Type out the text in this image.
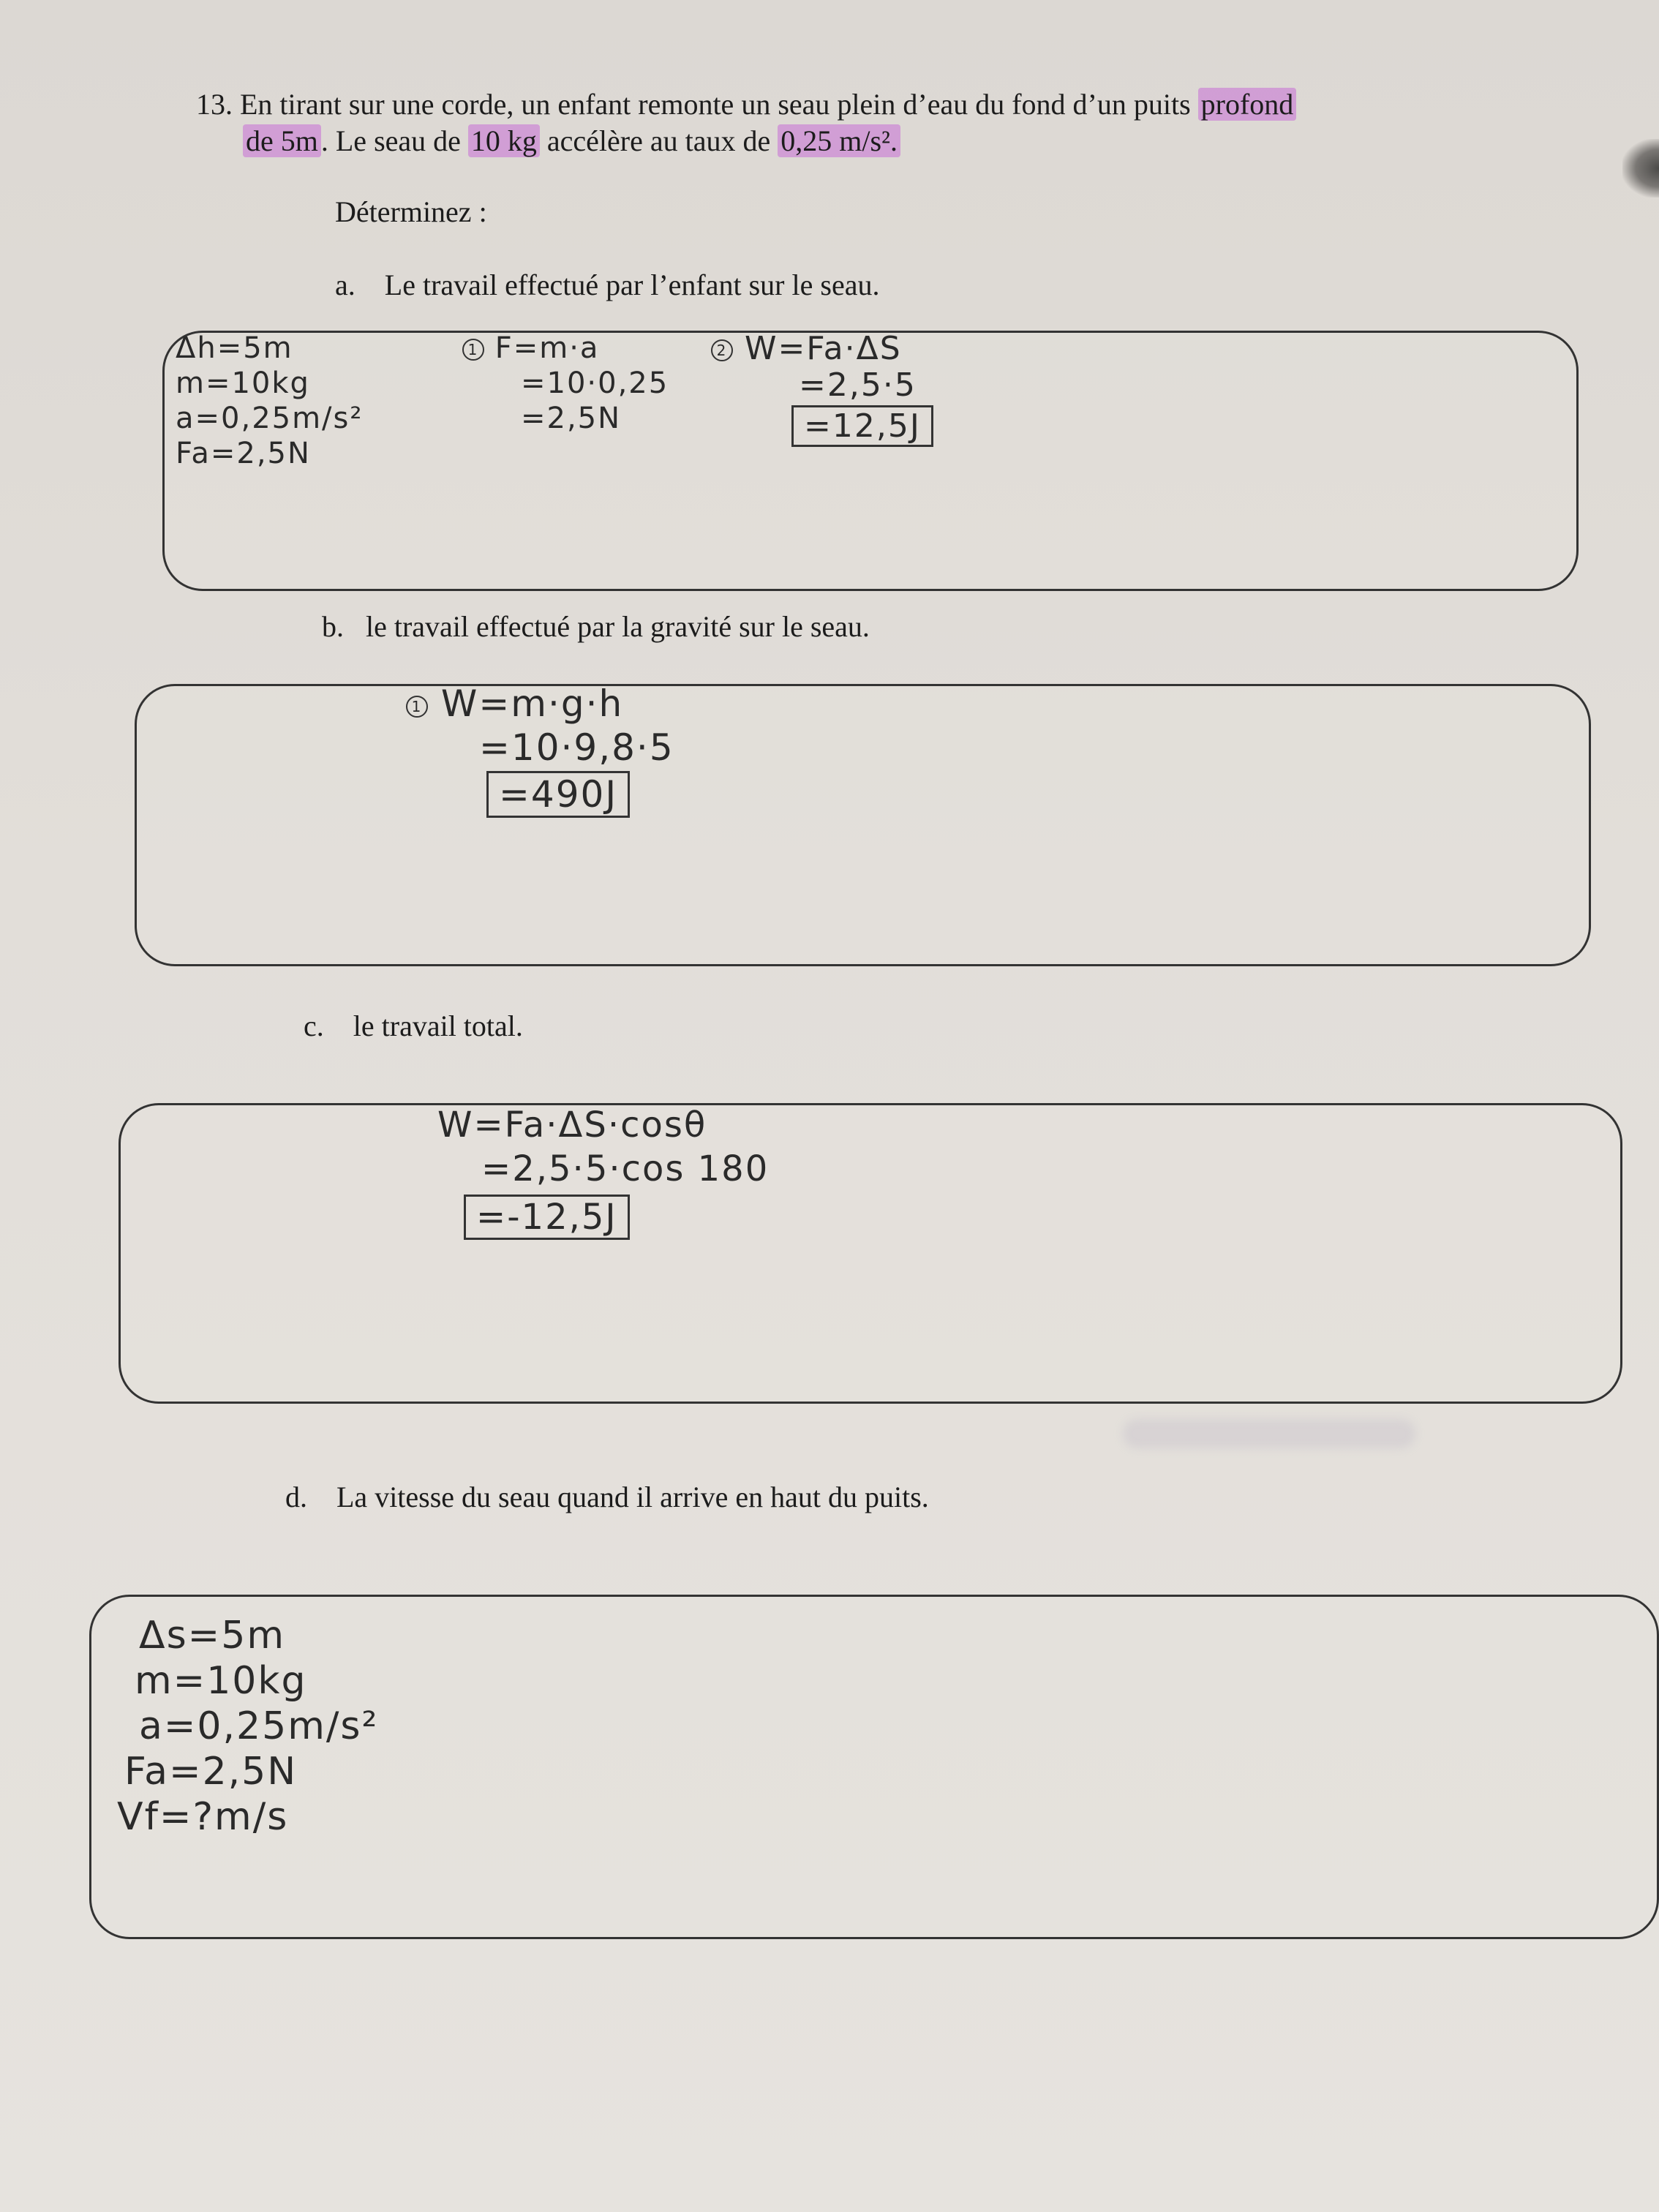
13. En tirant sur une corde, un enfant remonte un seau plein d’eau du fond d’un puits profond
de 5m . Le seau de 10 kg accélère au taux de 0,25 m/s².
Déterminez :
a. Le travail effectué par l’enfant sur le seau.
Δh=5m
m=10kg
a=0,25m/s²
Fa=2,5N
1 F=m·a
=10·0,25
=2,5N
2 W=Fa·ΔS
=2,5·5
=12,5J
b. le travail effectué par la gravité sur le seau.
1 W=m·g·h
=10·9,8·5
=490J
c. le travail total.
W=Fa·ΔS·cosθ
=2,5·5·cos 180
=-12,5J
d. La vitesse du seau quand il arrive en haut du puits.
Δs=5m
m=10kg
a=0,25m/s²
Fa=2,5N
Vf=?m/s
